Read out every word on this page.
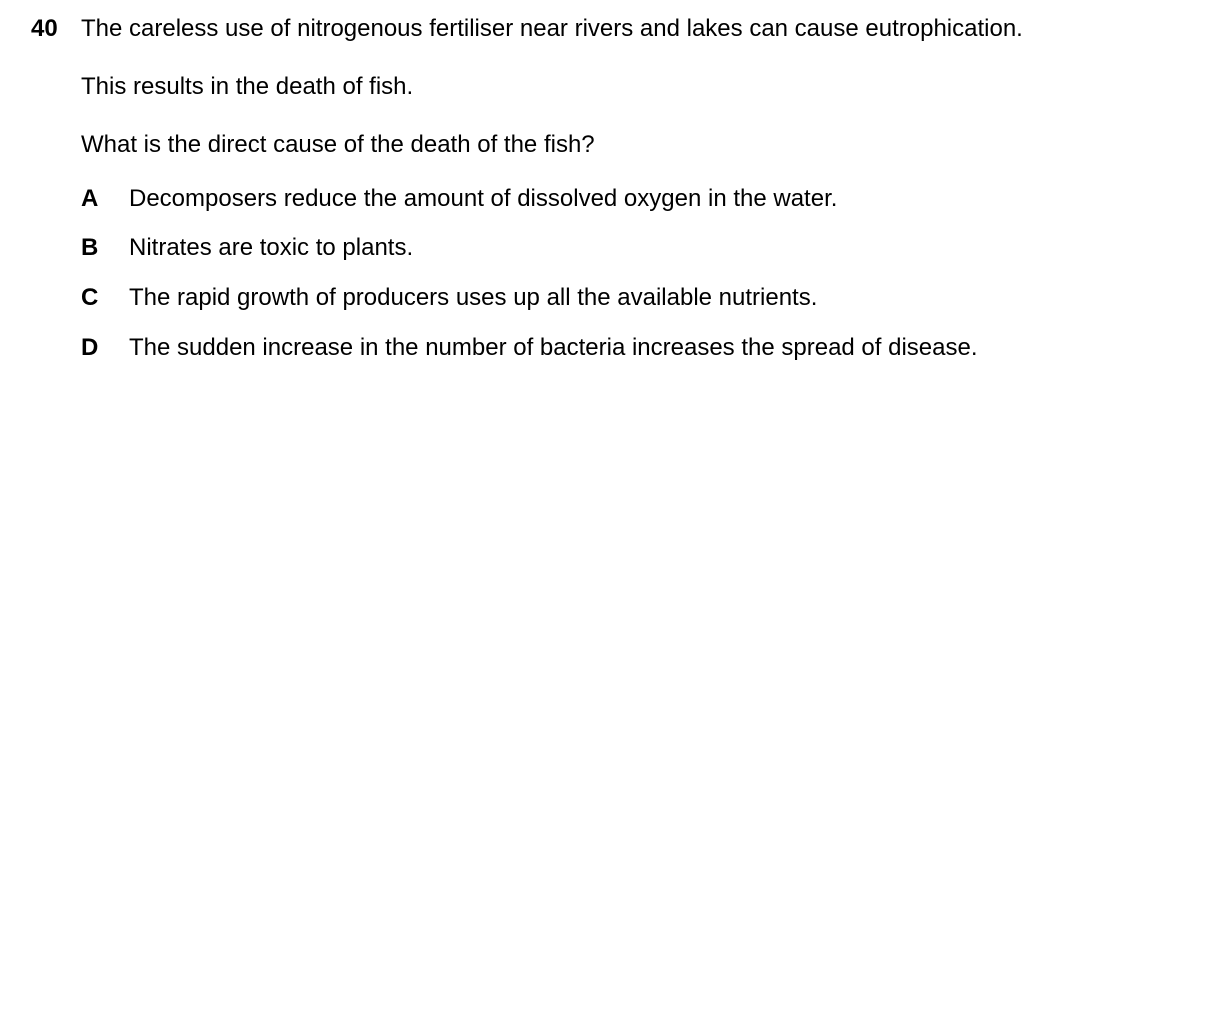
40 The careless use of nitrogenous fertiliser near rivers and lakes can cause eutrophication.
This results in the death of fish.
What is the direct cause of the death of the fish?
A Decomposers reduce the amount of dissolved oxygen in the water.
B Nitrates are toxic to plants.
C The rapid growth of producers uses up all the available nutrients.
D The sudden increase in the number of bacteria increases the spread of disease.
